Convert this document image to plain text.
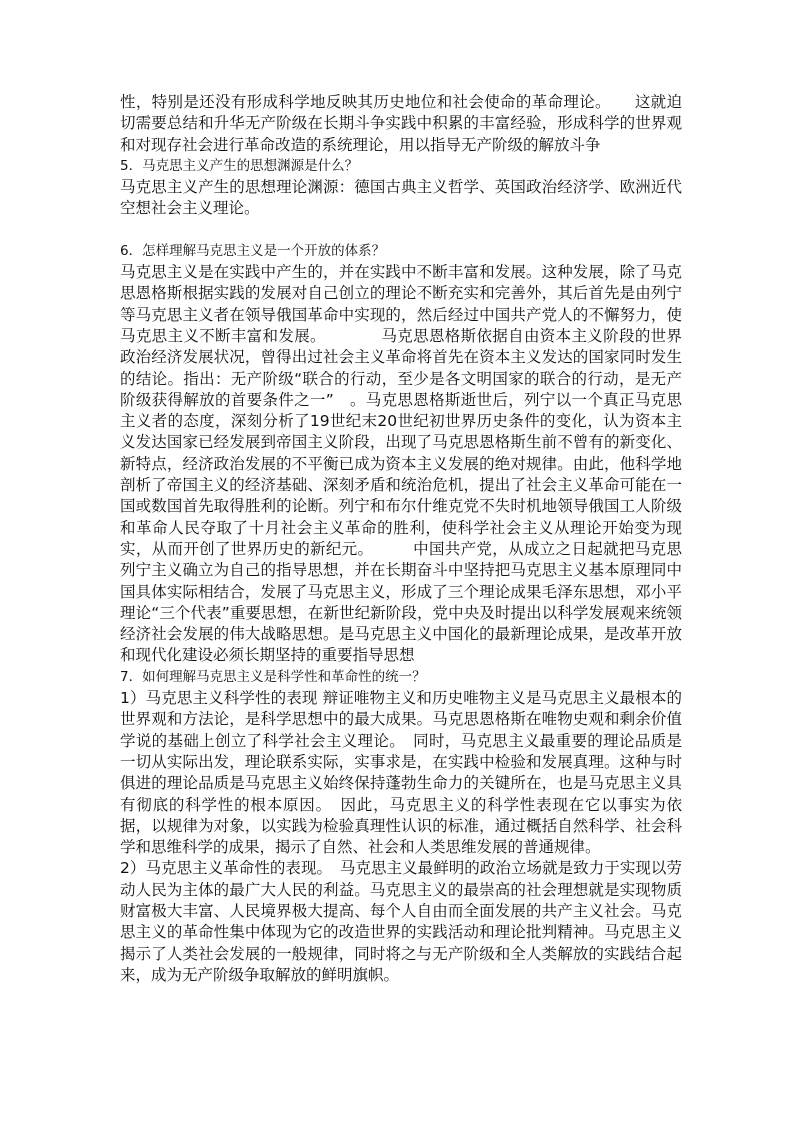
性，特别是还没有形成科学地反映其历史地位和社会使命的革命理论。　　这就迫切需要总结和升华无产阶级在长期斗争实践中积累的丰富经验，形成科学的世界观和对现存社会进行革命改造的系统理论，用以指导无产阶级的解放斗争

5．马克思主义产生的思想渊源是什么？

马克思主义产生的思想理论渊源：德国古典主义哲学、英国政治经济学、欧洲近代空想社会主义理论。

6．怎样理解马克思主义是一个开放的体系？

马克思主义是在实践中产生的，并在实践中不断丰富和发展。这种发展，除了马克思恩格斯根据实践的发展对自己创立的理论不断充实和完善外，其后首先是由列宁等马克思主义者在领导俄国革命中实现的，然后经过中国共产党人的不懈努力，使马克思主义不断丰富和发展。　　　　马克思恩格斯依据自由资本主义阶段的世界政治经济发展状况，曾得出过社会主义革命将首先在资本主义发达的国家同时发生的结论。指出：无产阶级“联合的行动，至少是各文明国家的联合的行动，是无产阶级获得解放的首要条件之一”　。马克思恩格斯逝世后，列宁以一个真正马克思主义者的态度，深刻分析了19世纪末20世纪初世界历史条件的变化，认为资本主义发达国家已经发展到帝国主义阶段，出现了马克思恩格斯生前不曾有的新变化、新特点，经济政治发展的不平衡已成为资本主义发展的绝对规律。由此，他科学地剖析了帝国主义的经济基础、深刻矛盾和统治危机，提出了社会主义革命可能在一国或数国首先取得胜利的论断。列宁和布尔什维克党不失时机地领导俄国工人阶级和革命人民夺取了十月社会主义革命的胜利，使科学社会主义从理论开始变为现实，从而开创了世界历史的新纪元。　　　中国共产党，从成立之日起就把马克思列宁主义确立为自己的指导思想，并在长期奋斗中坚持把马克思主义基本原理同中国具体实际相结合，发展了马克思主义，形成了三个理论成果毛泽东思想，邓小平理论“三个代表”重要思想，在新世纪新阶段，党中央及时提出以科学发展观来统领经济社会发展的伟大战略思想。是马克思主义中国化的最新理论成果，是改革开放和现代化建设必须长期坚持的重要指导思想

7．如何理解马克思主义是科学性和革命性的统一？

1）马克思主义科学性的表现 辩证唯物主义和历史唯物主义是马克思主义最根本的世界观和方法论，是科学思想中的最大成果。马克思恩格斯在唯物史观和剩余价值学说的基础上创立了科学社会主义理论。　同时，马克思主义最重要的理论品质是一切从实际出发，理论联系实际，实事求是，在实践中检验和发展真理。这种与时俱进的理论品质是马克思主义始终保持蓬勃生命力的关键所在，也是马克思主义具有彻底的科学性的根本原因。　因此，马克思主义的科学性表现在它以事实为依据，以规律为对象，以实践为检验真理性认识的标准，通过概括自然科学、社会科学和思维科学的成果，揭示了自然、社会和人类思维发展的普通规律。

2）马克思主义革命性的表现。　马克思主义最鲜明的政治立场就是致力于实现以劳动人民为主体的最广大人民的利益。马克思主义的最崇高的社会理想就是实现物质财富极大丰富、人民境界极大提高、每个人自由而全面发展的共产主义社会。马克思主义的革命性集中体现为它的改造世界的实践活动和理论批判精神。马克思主义揭示了人类社会发展的一般规律，同时将之与无产阶级和全人类解放的实践结合起来，成为无产阶级争取解放的鲜明旗帜。
